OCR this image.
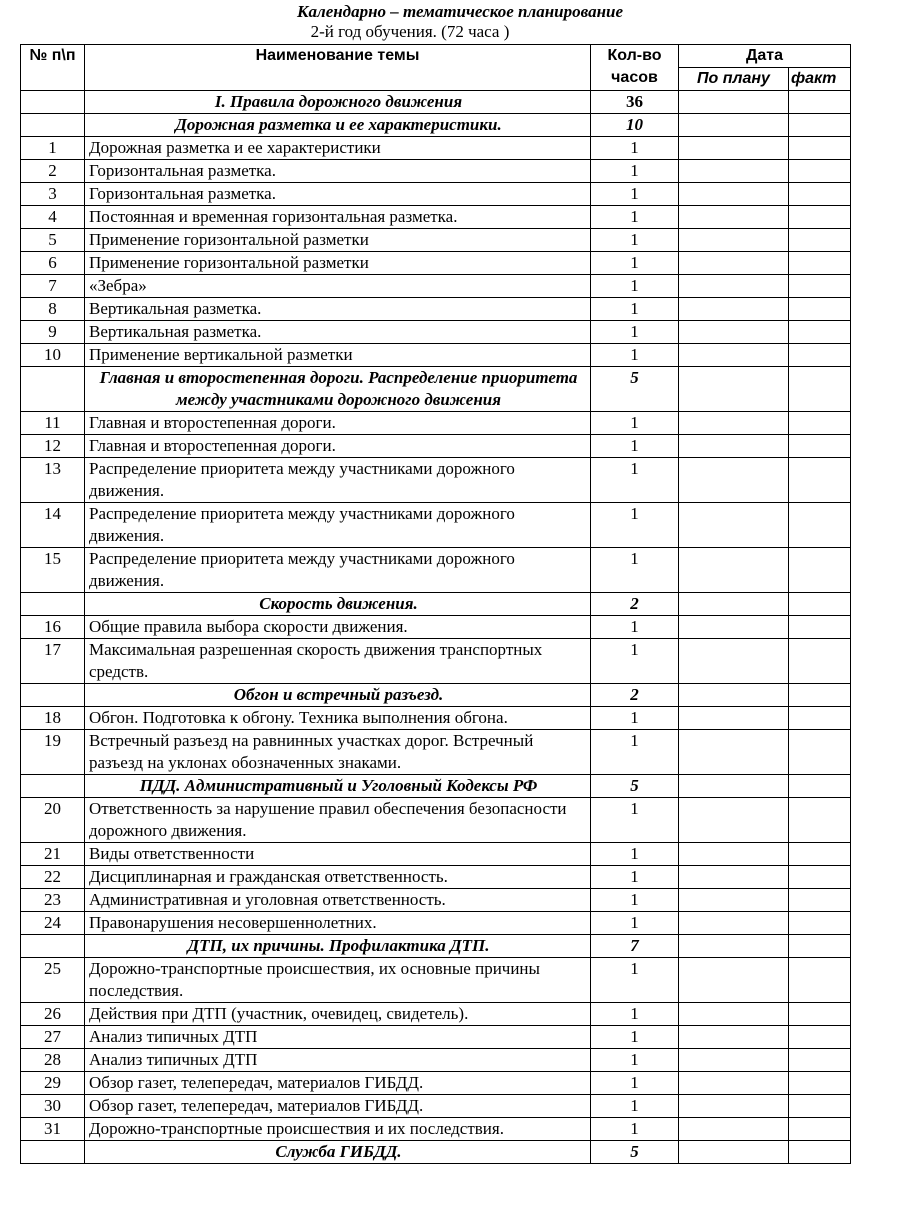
Календарно – тематическое планирование
2-й год обучения. (72 часа )
№ п\п	Наименование темы	Кол-во часов	Дата	
			По плану	факт
	I. Правила дорожного движения	36		
	Дорожная разметка и ее характеристики.	10		
1	Дорожная разметка и ее характеристики	1		
2	Горизонтальная разметка.	1		
3	Горизонтальная разметка.	1		
4	Постоянная и временная горизонтальная разметка.	1		
5	Применение горизонтальной разметки	1		
6	Применение горизонтальной разметки	1		
7	«Зебра»	1		
8	Вертикальная разметка.	1		
9	Вертикальная разметка.	1		
10	Применение вертикальной разметки	1		
	Главная и второстепенная дороги. Распределение приоритета между участниками дорожного движения	5		
11	Главная и второстепенная дороги.	1		
12	Главная и второстепенная дороги.	1		
13	Распределение приоритета между участниками дорожного движения.	1		
14	Распределение приоритета между участниками дорожного движения.	1		
15	Распределение приоритета между участниками дорожного движения.	1		
	Скорость движения.	2		
16	Общие правила выбора скорости движения.	1		
17	Максимальная разрешенная скорость движения транспортных средств.	1		
	Обгон и встречный разъезд.	2		
18	Обгон. Подготовка к обгону. Техника выполнения обгона.	1		
19	Встречный разъезд на равнинных участках дорог. Встречный разъезд на уклонах обозначенных знаками.	1		
	ПДД. Административный и Уголовный Кодексы РФ	5		
20	Ответственность за нарушение правил обеспечения безопасности дорожного движения.	1		
21	Виды ответственности	1		
22	Дисциплинарная и гражданская ответственность.	1		
23	Административная и уголовная ответственность.	1		
24	Правонарушения несовершеннолетних.	1		
	ДТП, их причины. Профилактика ДТП.	7		
25	Дорожно-транспортные происшествия, их основные причины последствия.	1		
26	Действия при ДТП (участник, очевидец, свидетель).	1		
27	Анализ типичных ДТП	1		
28	Анализ типичных ДТП	1		
29	Обзор газет, телепередач, материалов ГИБДД.	1		
30	Обзор газет, телепередач, материалов ГИБДД.	1		
31	Дорожно-транспортные происшествия и их последствия.	1		
	Служба ГИБДД.	5		
